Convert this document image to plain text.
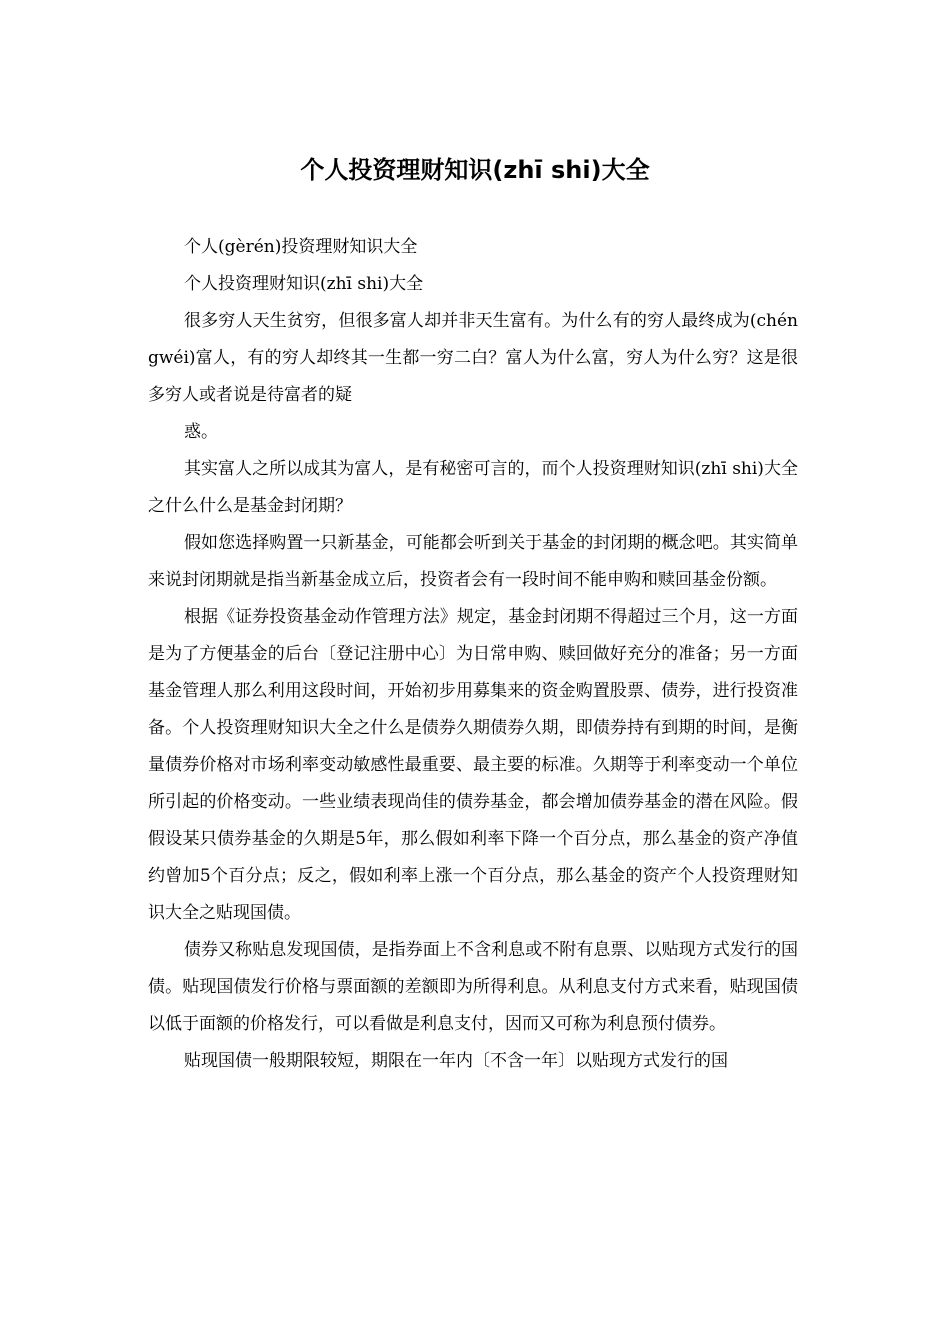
个人投资理财知识(zhī shi)大全

个人(gèrén)投资理财知识大全

个人投资理财知识(zhī shi)大全

很多穷人天生贫穷，但很多富人却并非天生富有。为什么有的穷人最终成为(chéngwéi)富人，有的穷人却终其一生都一穷二白？富人为什么富，穷人为什么穷？这是很多穷人或者说是待富者的疑

惑。

其实富人之所以成其为富人，是有秘密可言的，而个人投资理财知识(zhī shi)大全之什么什么是基金封闭期？

假如您选择购置一只新基金，可能都会听到关于基金的封闭期的概念吧。其实简单来说封闭期就是指当新基金成立后，投资者会有一段时间不能申购和赎回基金份额。

根据《证券投资基金动作管理方法》规定，基金封闭期不得超过三个月，这一方面是为了方便基金的后台〔登记注册中心〕为日常申购、赎回做好充分的准备；另一方面基金管理人那么利用这段时间，开始初步用募集来的资金购置股票、债券，进行投资准备。个人投资理财知识大全之什么是债券久期债券久期，即债券持有到期的时间，是衡量债券价格对市场利率变动敏感性最重要、最主要的标准。久期等于利率变动一个单位所引起的价格变动。一些业绩表现尚佳的债券基金，都会增加债券基金的潜在风险。假假设某只债券基金的久期是5年，那么假如利率下降一个百分点，那么基金的资产净值约曾加5个百分点；反之，假如利率上涨一个百分点，那么基金的资产个人投资理财知识大全之贴现国债。

债券又称贴息发现国债，是指券面上不含利息或不附有息票、以贴现方式发行的国债。贴现国债发行价格与票面额的差额即为所得利息。从利息支付方式来看，贴现国债以低于面额的价格发行，可以看做是利息支付，因而又可称为利息预付债券。

贴现国债一般期限较短，期限在一年内〔不含一年〕以贴现方式发行的国
